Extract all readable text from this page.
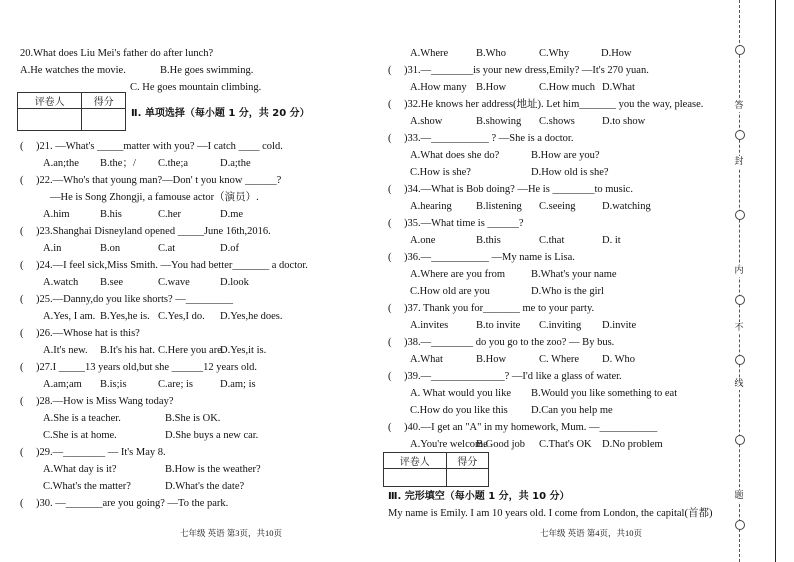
20.What does Liu Mei's father do after lunch?
A.He watches the movie.	B.He goes swimming.
C. He goes mountain climbing.
评卷人	得分

Ⅱ. 单项选择（每小题 1 分，共 20 分）
( )21. —What's _____matter with you? —I catch ____ cold.
A.an;the B.the；/ C.the;a	D.a;the
( )22.—Who's that young man?—Don' t you know ______?
—He is Song Zhongji, a famouse actor（演员）.
A.him	B.his	C.her	D.me
( )23.Shanghai Disneyland opened _____June 16th,2016.
A.in	B.on	C.at	D.of
( )24.—I feel sick,Miss Smith. —You had better_______ a doctor.
A.watch B.see	C.wave	D.look
( )25.—Danny,do you like shorts? —_________
A.Yes, I am. B.Yes,he is. C.Yes,I do. D.Yes,he does.
( )26.—Whose hat is this?
A.It's new. B.It's his hat. C.Here you are.
D.Yes,it is.
( )27.I _____13 years old,but she ______12 years old.
A.am;am B.is;is	C.are; is	D.am; is
( )28.—How is Miss Wang today?
A.She is a teacher.	B.She is OK.
C.She is at home.	D.She buys a new car.
( )29.—________ — It's May 8.
A.What day is it?	B.How is the weather?
C.What's the matter?	D.What's the date?
( )30. —_______are you going? —To the park.
七年级 英语 第3页，共10页
A.Where	B.Who	C.Why	D.How
( )31.—________is your new dress,Emily? —It's 270 yuan.
A.How many B.How	C.How much D.What
( )32.He knows her address(地址). Let him_______ you the way, please.
A.show	B.showing C.shows	D.to show
( )33.—___________ ? —She is a doctor.
A.What does she do?	B.How are you?
C.How is she?	D.How old is she?
( )34.—What is Bob doing? —He is ________to music.
A.hearing B.listening C.seeing	D.watching
( )35.—What time is ______?
A.one	B.this	C.that	D. it
( )36.—___________ —My name is Lisa.
A.Where are you from B.What's your name
C.How old are you	D.Who is the girl
( )37. Thank you for_______ me to your party.
A.invites	B.to invite C.inviting D.invite
( )38.—________ do you go to the zoo? — By bus.
A.What	B.How	C. Where D. Who
( )39.—______________? —I'd like a glass of water.
A. What would you like B.Would you like something to eat
C.How do you like this D.Can you help me
( )40.—I get an "A" in my homework, Mum. —___________
A.You're welcome
B.Good job C.That's OK D.No problem
评卷人	得分

Ⅲ. 完形填空（每小题 1 分，共 10 分）
My name is Emily. I am 10 years old. I come from London, the capital(首都)
七年级 英语 第4页，共10页
答
封
内
不
线
题
